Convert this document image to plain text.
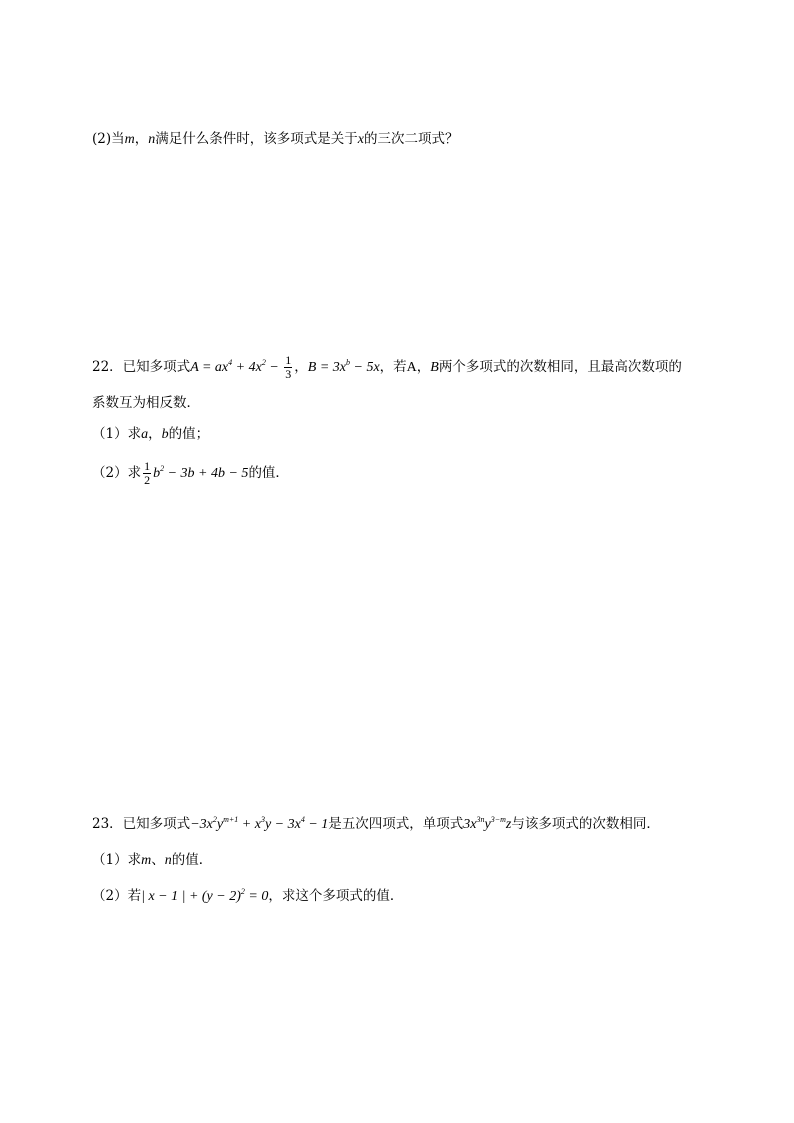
(2)当m，n满足什么条件时，该多项式是关于x的三次二项式？
22．已知多项式$A = ax^4 + 4x^2 - \frac{1}{3}$ ，$B = 3x^b - 5x$，若A，B两个多项式的次数相同，且最高次数项的
系数互为相反数．
（1）求a，b的值；
（2）求 $\frac{1}{2} b^2 - 3b + 4b - 5$的值．
23．已知多项式$-3x^2y^{m+1} + x^3y - 3x^4 - 1$是五次四项式，单项式$3x^{3n}y^{3-m}z$与该多项式的次数相同．
（1）求m、n的值．
（2）若| x − 1 | + $(y - 2)^2 = 0$，求这个多项式的值．
